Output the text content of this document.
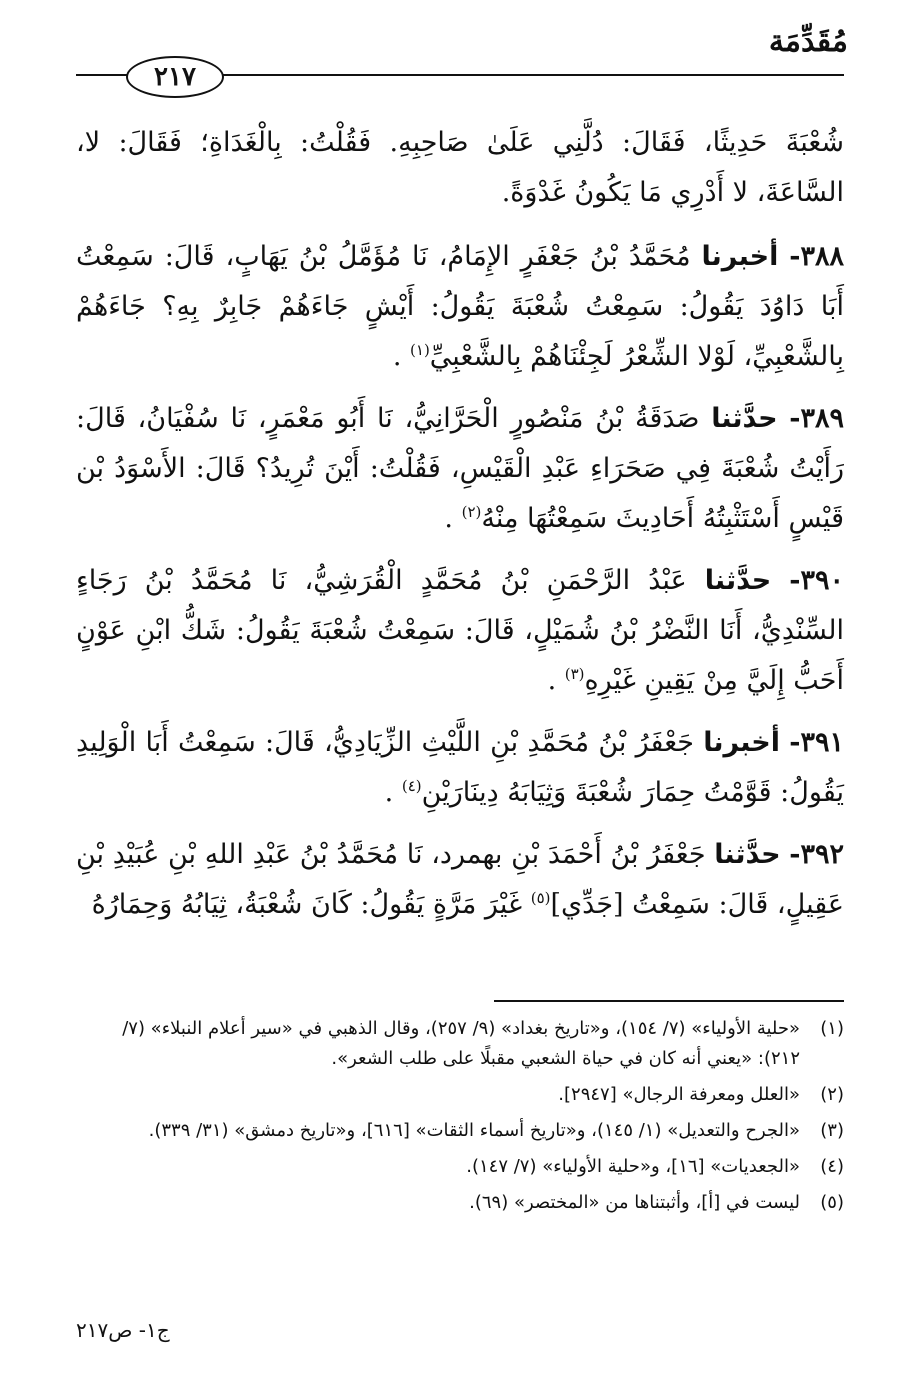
مُقَدِّمَة
٢١٧

شُعْبَةَ حَدِيثًا، فَقَالَ: دُلَّنِي عَلَىٰ صَاحِبِهِ. فَقُلْتُ: بِالْغَدَاةِ؛ فَقَالَ: لا، السَّاعَةَ، لا أَدْرِي مَا يَكُونُ غَدْوَةً.

٣٨٨- أخبرنا مُحَمَّدُ بْنُ جَعْفَرٍ الإِمَامُ، نَا مُؤَمَّلُ بْنُ يَهَابٍ، قَالَ: سَمِعْتُ أَبَا دَاوُدَ يَقُولُ: سَمِعْتُ شُعْبَةَ يَقُولُ: أَيْشٍ جَاءَهُمْ جَابِرٌ بِهِ؟ جَاءَهُمْ بِالشَّعْبِيِّ، لَوْلا الشِّعْرُ لَجِئْنَاهُمْ بِالشَّعْبِيِّ$^{(١)}$ .

٣٨٩- حدَّثنا صَدَقَةُ بْنُ مَنْصُورٍ الْحَرَّانِيُّ، نَا أَبُو مَعْمَرٍ، نَا سُفْيَانُ، قَالَ: رَأَيْتُ شُعْبَةَ فِي صَحَرَاءِ عَبْدِ الْقَيْسِ، فَقُلْتُ: أَيْنَ تُرِيدُ؟ قَالَ: الأَسْوَدُ بْن قَيْسٍ أَسْتَثْبِتُهُ أَحَادِيثَ سَمِعْتُهَا مِنْهُ$^{(٢)}$ .

٣٩٠- حدَّثنا عَبْدُ الرَّحْمَنِ بْنُ مُحَمَّدٍ الْقُرَشِيُّ، نَا مُحَمَّدُ بْنُ رَجَاءٍ السِّنْدِيُّ، أَنَا النَّضْرُ بْنُ شُمَيْلٍ، قَالَ: سَمِعْتُ شُعْبَةَ يَقُولُ: شَكُّ ابْنِ عَوْنٍ أَحَبُّ إِلَيَّ مِنْ يَقِينِ غَيْرِهِ$^{(٣)}$ .

٣٩١- أخبرنا جَعْفَرُ بْنُ مُحَمَّدِ بْنِ اللَّيْثِ الزِّيَادِيُّ، قَالَ: سَمِعْتُ أَبَا الْوَلِيدِ يَقُولُ: قَوَّمْتُ حِمَارَ شُعْبَةَ وَثِيَابَهُ دِينَارَيْنِ$^{(٤)}$ .

٣٩٢- حدَّثنا جَعْفَرُ بْنُ أَحْمَدَ بْنِ بهمرد، نَا مُحَمَّدُ بْنُ عَبْدِ اللهِ بْنِ عُبَيْدِ بْنِ عَقِيلٍ، قَالَ: سَمِعْتُ [جَدِّي]$^{(٥)}$ غَيْرَ مَرَّةٍ يَقُولُ: كَانَ شُعْبَةُ، ثِيَابُهُ وَحِمَارُهُ

(١)
«حلية الأولياء» (٧/ ١٥٤)، و«تاريخ بغداد» (٩/ ٢٥٧)، وقال الذهبي في «سير أعلام النبلاء» (٧/ ٢١٢): «يعني أنه كان في حياة الشعبي مقبلًا على طلب الشعر».

(٢)
«العلل ومعرفة الرجال» [٢٩٤٧].

(٣)
«الجرح والتعديل» (١/ ١٤٥)، و«تاريخ أسماء الثقات» [٦١٦]، و«تاريخ دمشق» (٣١/ ٣٣٩).

(٤)
«الجعديات» [١٦]، و«حلية الأولياء» (٧/ ١٤٧).

(٥)
ليست في [أ]، وأثبتناها من «المختصر» (٦٩).

ج١- ص٢١٧
